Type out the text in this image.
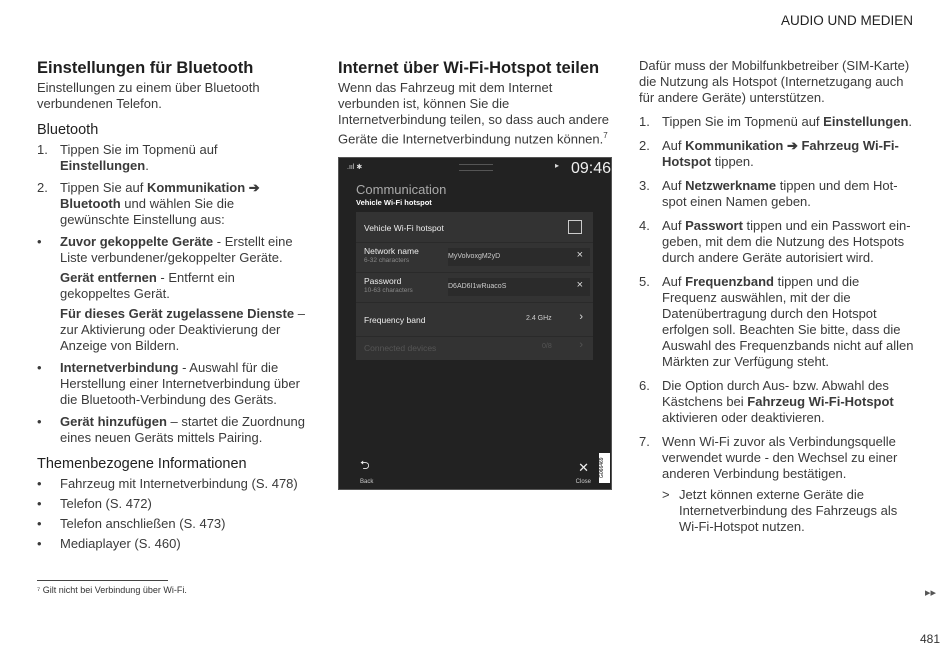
AUDIO UND MEDIEN
Einstellungen für Bluetooth

Einstellungen zu einem über Bluetooth verbundenen Telefon.

Bluetooth
1. Tippen Sie im Topmenü auf Einstellungen.
2. Tippen Sie auf Kommunikation ➔ Bluetooth und wählen Sie die gewünschte Einstellung aus:
• Zuvor gekoppelte Geräte - Erstellt eine Liste verbundener/gekoppelter Geräte.
Gerät entfernen - Entfernt ein gekoppeltes Gerät.
Für dieses Gerät zugelassene Dienste – zur Aktivierung oder Deaktivierung der Anzeige von Bildern.
• Internetverbindung - Auswahl für die Herstellung einer Internetverbindung über die Bluetooth-Verbindung des Geräts.
• Gerät hinzufügen – startet die Zuordnung eines neuen Geräts mittels Pairing.
Themenbezogene Informationen
• Fahrzeug mit Internetverbindung (S. 478)
• Telefon (S. 472)
• Telefon anschließen (S. 473)
• Mediaplayer (S. 460)
Internet über Wi-Fi-Hotspot teilen

Wenn das Fahrzeug mit dem Internet verbunden ist, können Sie die Internetverbindung teilen, so dass auch andere Geräte die Internetverbindung nutzen können.$^7$

.ııl ✱	▸ 09:46
Communication
Vehicle Wi-Fi hotspot
Vehicle Wi-Fi hotspot
Network name
6-32 characters
MyVolvoxgM2yD	×
Password
10-63 characters
D6AD6I1wRuacoS	×
Frequency band	2.4 GHz	›
Connected devices	0/8	›
⮌
Back
✕
Close
G066469

Dafür muss der Mobilfunkbetreiber (SIM-Karte) die Nutzung als Hotspot (Internetzugang auch für andere Geräte) unterstützen.

1. Tippen Sie im Topmenü auf Einstellungen.
2. Auf Kommunikation ➔ Fahrzeug Wi-Fi-Hotspot tippen.
3. Auf Netzwerkname tippen und dem Hotspot einen Namen geben.
4. Auf Passwort tippen und ein Passwort eingeben, mit dem die Nutzung des Hotspots durch andere Geräte autorisiert wird.
5. Auf Frequenzband tippen und die Frequenz auswählen, mit der die Datenübertragung durch den Hotspot erfolgen soll. Beachten Sie bitte, dass die Auswahl des Frequenzbands nicht auf allen Märkten zur Verfügung steht.
6. Die Option durch Aus- bzw. Abwahl des Kästchens bei Fahrzeug Wi-Fi-Hotspot aktivieren oder deaktivieren.
7. Wenn Wi-Fi zuvor als Verbindungsquelle verwendet wurde - den Wechsel zu einer anderen Verbindung bestätigen.
> Jetzt können externe Geräte die Internetverbindung des Fahrzeugs als Wi-Fi-Hotspot nutzen.
⁷ Gilt nicht bei Verbindung über Wi-Fi.	▸▸
481
